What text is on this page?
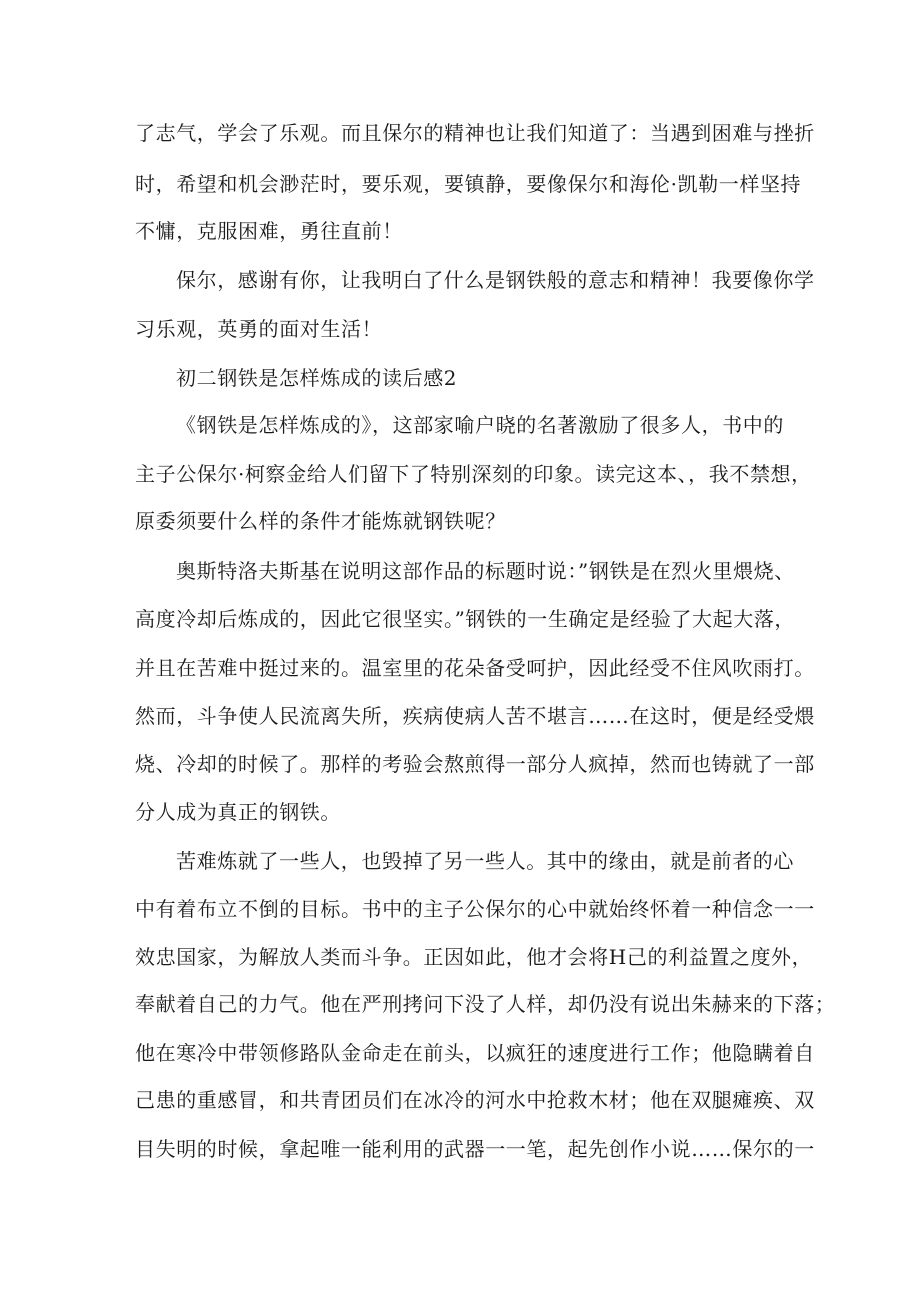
了志气，学会了乐观。而且保尔的精神也让我们知道了：当遇到困难与挫折
时，希望和机会渺茫时，要乐观，要镇静，要像保尔和海伦·凯勒一样坚持
不慵，克服困难，勇往直前！
保尔，感谢有你，让我明白了什么是钢铁般的意志和精神！我要像你学
习乐观，英勇的面对生活！
初二钢铁是怎样炼成的读后感2
《钢铁是怎样炼成的》，这部家喻户晓的名著激励了很多人，书中的
主子公保尔·柯察金给人们留下了特别深刻的印象。读完这本、，我不禁想，
原委须要什么样的条件才能炼就钢铁呢？
奥斯特洛夫斯基在说明这部作品的标题时说：”钢铁是在烈火里煨烧、
高度冷却后炼成的，因此它很坚实。”钢铁的一生确定是经验了大起大落，
并且在苦难中挺过来的。温室里的花朵备受呵护，因此经受不住风吹雨打。
然而，斗争使人民流离失所，疾病使病人苦不堪言……在这时，便是经受煨
烧、冷却的时候了。那样的考验会熬煎得一部分人疯掉，然而也铸就了一部
分人成为真正的钢铁。
苦难炼就了一些人，也毁掉了另一些人。其中的缘由，就是前者的心
中有着布立不倒的目标。书中的主子公保尔的心中就始终怀着一种信念一一
效忠国家，为解放人类而斗争。正因如此，他才会将H己的利益置之度外，
奉献着自己的力气。他在严刑拷问下没了人样，却仍没有说出朱赫来的下落；
他在寒冷中带领修路队金命走在前头，以疯狂的速度进行工作；他隐瞒着自
己患的重感冒，和共青团员们在冰冷的河水中抢救木材；他在双腿瘫痪、双
目失明的时候，拿起唯一能利用的武器一一笔，起先创作小说……保尔的一
